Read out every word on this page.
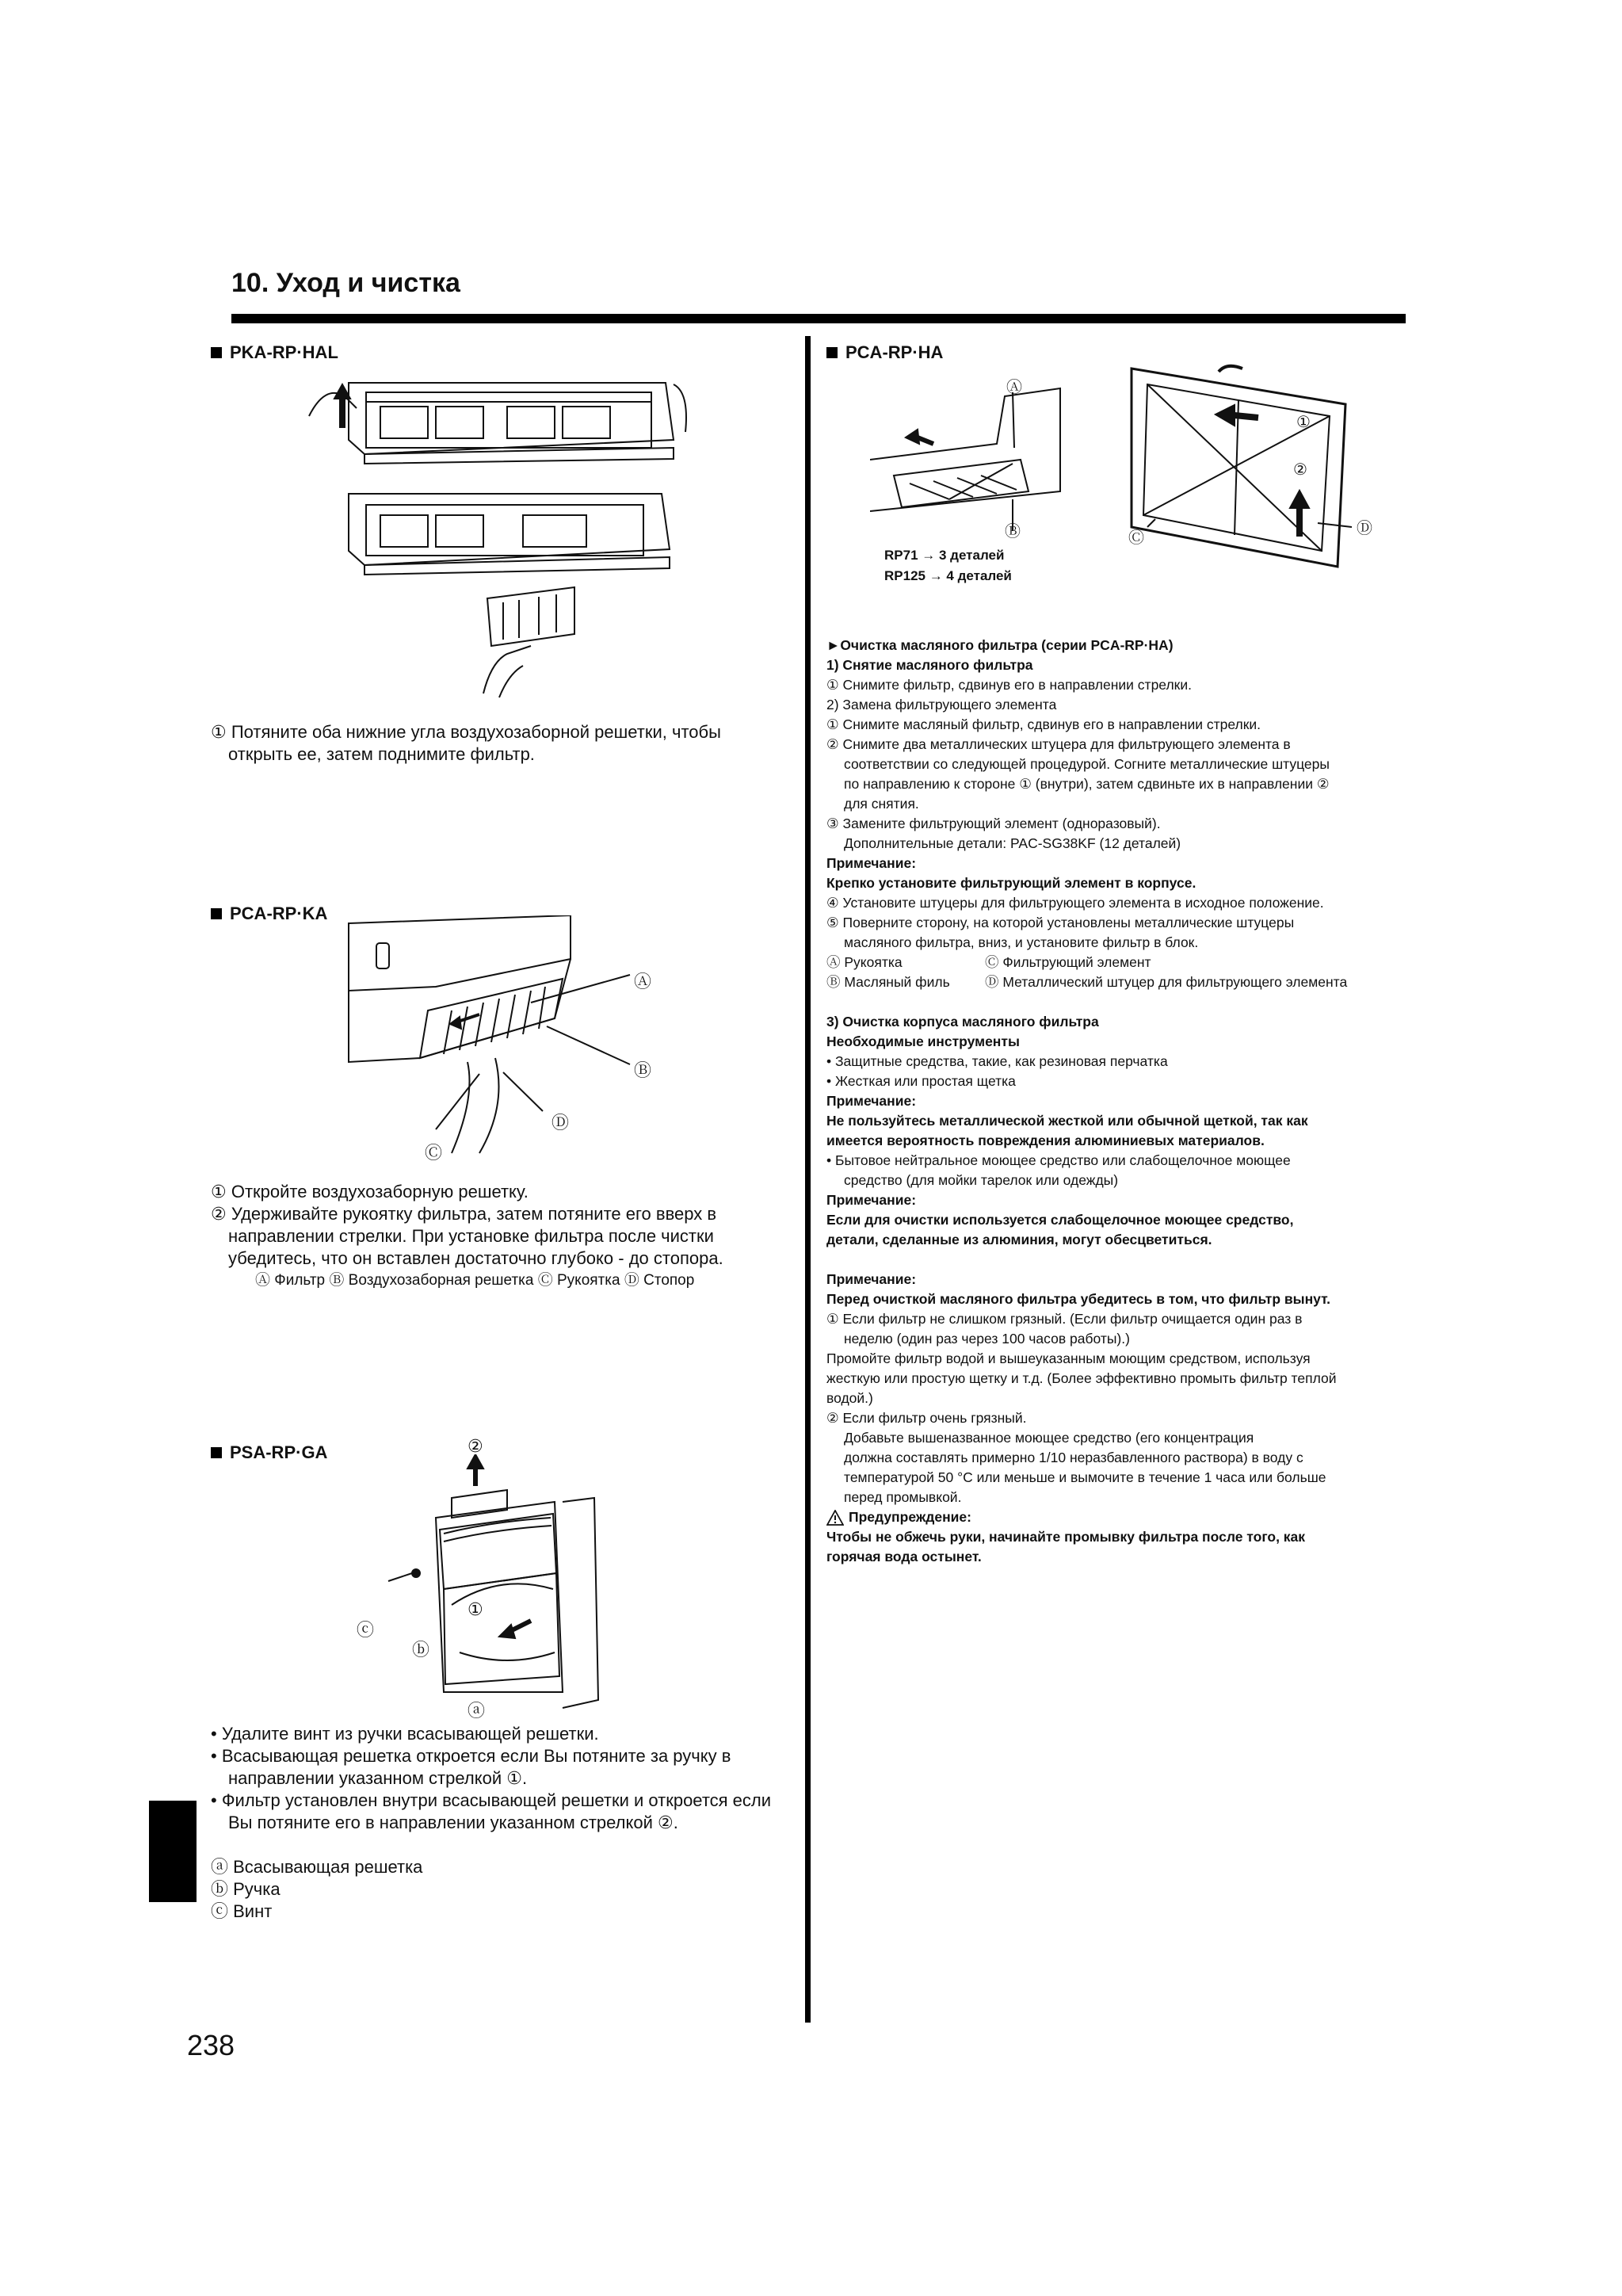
10. Уход и чистка
238
PKA-RP·HAL
① Потяните оба нижние угла воздухозаборной решетки, чтобы
открыть ее, затем поднимите фильтр.
PCA-RP·KA
Ⓐ
Ⓑ
Ⓓ
Ⓒ
① Откройте воздухозаборную решетку.
② Удерживайте рукоятку фильтра, затем потяните его вверх в
направлении стрелки. При установке фильтра после чистки
убедитесь, что он вставлен достаточно глубоко - до стопора.
Ⓐ Фильтр Ⓑ Воздухозаборная решетка Ⓒ Рукоятка Ⓓ Стопор
PSA-RP·GA	②
①
ⓒ
ⓑ
ⓐ
• Удалите винт из ручки всасывающей решетки.
• Всасывающая решетка откроется если Вы потяните за ручку в
направлении указанном стрелкой ①.
• Фильтр установлен внутри всасывающей решетки и откроется если
Вы потяните его в направлении указанном стрелкой ②.
ⓐ Всасывающая решетка
ⓑ Ручка
ⓒ Винт
PCA-RP·HA
Ⓐ
Ⓑ
①
②
Ⓒ
Ⓓ
RP71 → 3 деталей
RP125 → 4 деталей
►Очистка масляного фильтра (серии PCA-RP·HA)
1) Снятие масляного фильтра
① Снимите фильтр, сдвинув его в направлении стрелки.
2) Замена фильтрующего элемента
① Снимите масляный фильтр, сдвинув его в направлении стрелки.
② Снимите два металлических штуцера для фильтрующего элемента в
соответствии со следующей процедурой. Согните металлические штуцеры
по направлению к стороне ① (внутри), затем сдвиньте их в направлении ②
для снятия.
③ Замените фильтрующий элемент (одноразовый).
Дополнительные детали: PAC-SG38KF (12 деталей)
Примечание:
Крепко установите фильтрующий элемент в корпусе.
④ Установите штуцеры для фильтрующего элемента в исходное положение.
⑤ Поверните сторону, на которой установлены металлические штуцеры
масляного фильтра, вниз, и установите фильтр в блок.
Ⓐ Рукоятка	Ⓒ Фильтрующий элемент
Ⓑ Масляный филь	Ⓓ Металлический штуцер для фильтрующего элемента
3) Очистка корпуса масляного фильтра
Необходимые инструменты
• Защитные средства, такие, как резиновая перчатка
• Жесткая или простая щетка
Примечание:
Не пользуйтесь металлической жесткой или обычной щеткой, так как
имеется вероятность повреждения алюминиевых материалов.
• Бытовое нейтральное моющее средство или слабощелочное моющее
средство (для мойки тарелок или одежды)
Примечание:
Если для очистки используется слабощелочное моющее средство,
детали, сделанные из алюминия, могут обесцветиться.
Примечание:
Перед очисткой масляного фильтра убедитесь в том, что фильтр вынут.
① Если фильтр не слишком грязный. (Если фильтр очищается один раз в
неделю (один раз через 100 часов работы).)
Промойте фильтр водой и вышеуказанным моющим средством, используя
жесткую или простую щетку и т.д. (Более эффективно промыть фильтр теплой
водой.)
② Если фильтр очень грязный.
Добавьте вышеназванное моющее средство (его концентрация
должна составлять примерно 1/10 неразбавленного раствора) в воду с
температурой 50 °C или меньше и вымочите в течение 1 часа или больше
перед промывкой.
Предупреждение:
Чтобы не обжечь руки, начинайте промывку фильтра после того, как
горячая вода остынет.
